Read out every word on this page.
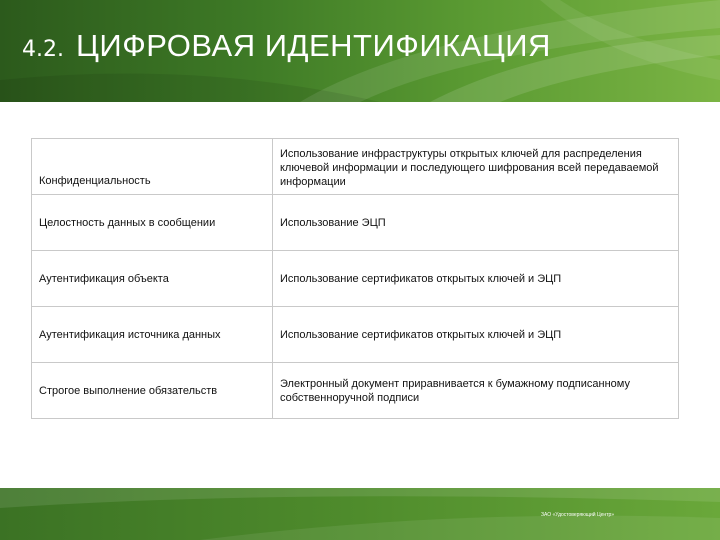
4.2. ЦИФРОВАЯ ИДЕНТИФИКАЦИЯ
Конфиденциальность	Использование инфраструктуры открытых ключей для распределения ключевой информации и последующего шифрования всей передаваемой информации
Целостность данных в сообщении	Использование ЭЦП
Аутентификация объекта	Использование сертификатов открытых ключей и ЭЦП
Аутентификация источника данных	Использование сертификатов открытых ключей и ЭЦП
Строгое выполнение обязательств	Электронный документ приравнивается к бумажному подписанному собственноручной подписи
ЗАО «Удостоверяющий Центр»
